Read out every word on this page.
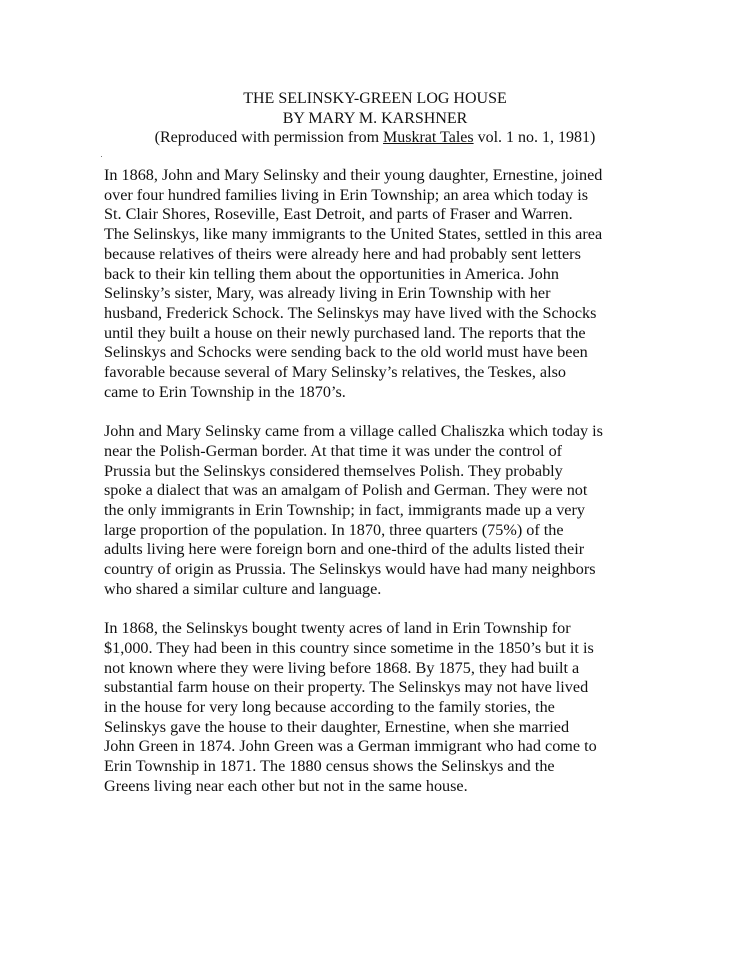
THE SELINSKY-GREEN LOG HOUSE
BY MARY M. KARSHNER
(Reproduced with permission from Muskrat Tales vol. 1 no. 1, 1981)
In 1868, John and Mary Selinsky and their young daughter, Ernestine, joined
over four hundred families living in Erin Township; an area which today is
St. Clair Shores, Roseville, East Detroit, and parts of Fraser and Warren.
The Selinskys, like many immigrants to the United States, settled in this area
because relatives of theirs were already here and had probably sent letters
back to their kin telling them about the opportunities in America. John
Selinsky’s sister, Mary, was already living in Erin Township with her
husband, Frederick Schock. The Selinskys may have lived with the Schocks
until they built a house on their newly purchased land. The reports that the
Selinskys and Schocks were sending back to the old world must have been
favorable because several of Mary Selinsky’s relatives, the Teskes, also
came to Erin Township in the 1870’s.
John and Mary Selinsky came from a village called Chaliszka which today is
near the Polish-German border. At that time it was under the control of
Prussia but the Selinskys considered themselves Polish. They probably
spoke a dialect that was an amalgam of Polish and German. They were not
the only immigrants in Erin Township; in fact, immigrants made up a very
large proportion of the population. In 1870, three quarters (75%) of the
adults living here were foreign born and one-third of the adults listed their
country of origin as Prussia. The Selinskys would have had many neighbors
who shared a similar culture and language.
In 1868, the Selinskys bought twenty acres of land in Erin Township for
$1,000. They had been in this country since sometime in the 1850’s but it is
not known where they were living before 1868. By 1875, they had built a
substantial farm house on their property. The Selinskys may not have lived
in the house for very long because according to the family stories, the
Selinskys gave the house to their daughter, Ernestine, when she married
John Green in 1874. John Green was a German immigrant who had come to
Erin Township in 1871. The 1880 census shows the Selinskys and the
Greens living near each other but not in the same house.
